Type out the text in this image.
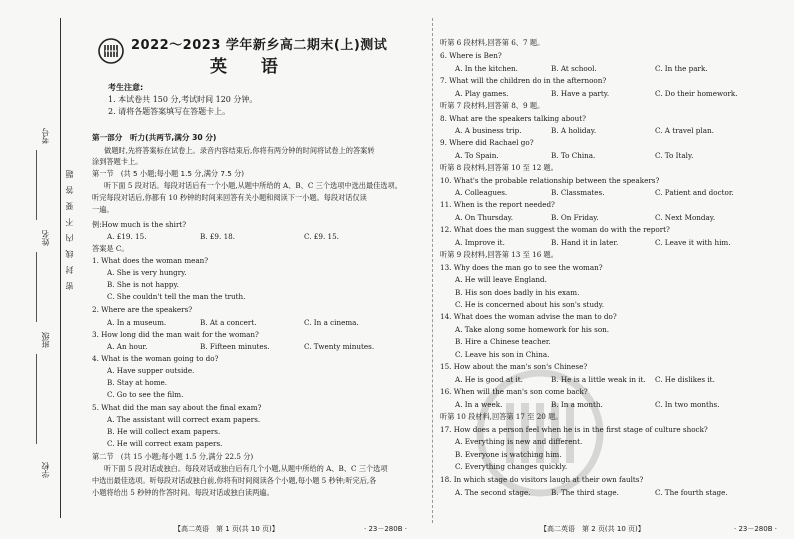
考号
姓名
班级
学校
密　封　线　内　不　要　答　题
2022～2023 学年新乡高二期末(上)测试
英 语
考生注意:
1. 本试卷共 150 分,考试时间 120 分钟。
2. 请将各题答案填写在答题卡上。
第一部分　听力(共两节,满分 30 分)
做题时,先将答案标在试卷上。录音内容结束后,你将有两分钟的时间将试卷上的答案转
涂到答题卡上。
第一节　(共 5 小题;每小题 1.5 分,满分 7.5 分)
听下面 5 段对话。每段对话后有一个小题,从题中所给的 A、B、C 三个选项中选出最佳选项。
听完每段对话后,你都有 10 秒钟的时间来回答有关小题和阅读下一小题。每段对话仅读
一遍。
例:How much is the shirt?
A. £19. 15.	B. £9. 18.	C. £9. 15.
答案是 C。
1. What does the woman mean?
A. She is very hungry.
B. She is not happy.
C. She couldn't tell the man the truth.
2. Where are the speakers?
A. In a museum.	B. At a concert.	C. In a cinema.
3. How long did the man wait for the woman?
A. An hour.	B. Fifteen minutes.	C. Twenty minutes.
4. What is the woman going to do?
A. Have supper outside.
B. Stay at home.
C. Go to see the film.
5. What did the man say about the final exam?
A. The assistant will correct exam papers.
B. He will collect exam papers.
C. He will correct exam papers.
第二节　(共 15 小题;每小题 1.5 分,满分 22.5 分)
听下面 5 段对话或独白。每段对话或独白后有几个小题,从题中所给的 A、B、C 三个选项
中选出最佳选项。听每段对话或独白前,你将有时间阅读各个小题,每小题 5 秒钟;听完后,各
小题将给出 5 秒钟的作答时间。每段对话或独白读两遍。
【高二英语　第 1 页(共 10 页)】	· 23－280B ·
听第 6 段材料,回答第 6、7 题。
6. Where is Ben?
A. In the kitchen.	B. At school.	C. In the park.
7. What will the children do in the afternoon?
A. Play games.	B. Have a party.	C. Do their homework.
听第 7 段材料,回答第 8、9 题。
8. What are the speakers talking about?
A. A business trip.	B. A holiday.	C. A travel plan.
9. Where did Rachael go?
A. To Spain.	B. To China.	C. To Italy.
听第 8 段材料,回答第 10 至 12 题。
10. What's the probable relationship between the speakers?
A. Colleagues.	B. Classmates.	C. Patient and doctor.
11. When is the report needed?
A. On Thursday.	B. On Friday.	C. Next Monday.
12. What does the man suggest the woman do with the report?
A. Improve it.	B. Hand it in later.	C. Leave it with him.
听第 9 段材料,回答第 13 至 16 题。
13. Why does the man go to see the woman?
A. He will leave England.
B. His son does badly in his exam.
C. He is concerned about his son's study.
14. What does the woman advise the man to do?
A. Take along some homework for his son.
B. Hire a Chinese teacher.
C. Leave his son in China.
15. How about the man's son's Chinese?
A. He is good at it.	B. He is a little weak in it. C. He dislikes it.
16. When will the man's son come back?
A. In a week.	B. In a month.	C. In two months.
听第 10 段材料,回答第 17 至 20 题。
17. How does a person feel when he is in the first stage of culture shock?
A. Everything is new and different.
B. Everyone is watching him.
C. Everything changes quickly.
18. In which stage do visitors laugh at their own faults?
A. The second stage.	B. The third stage.	C. The fourth stage.
【高二英语　第 2 页(共 10 页)】	· 23－280B ·
